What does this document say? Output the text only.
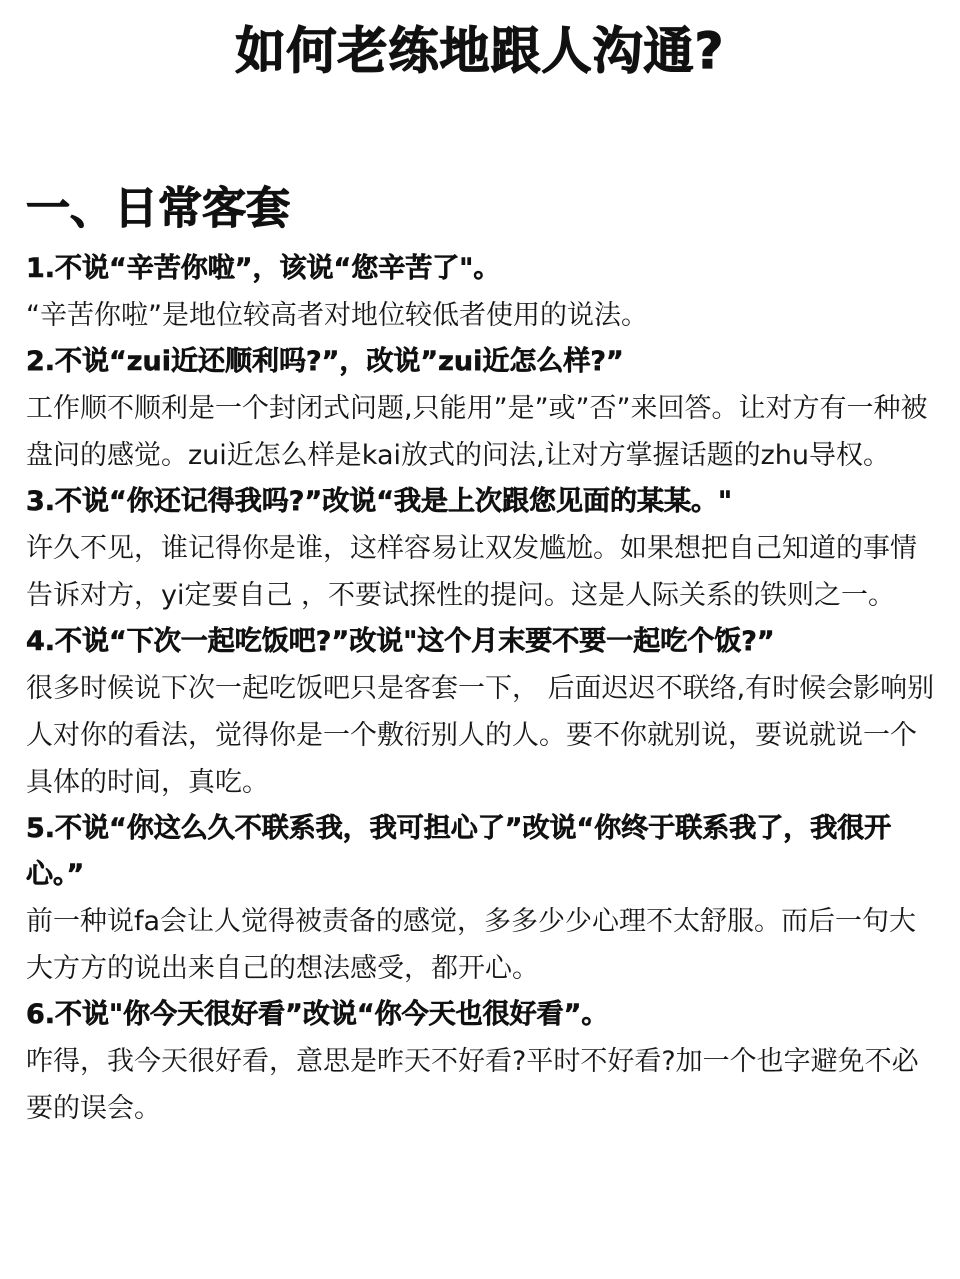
如何老练地跟人沟通?
一、日常客套
1.不说“辛苦你啦”，该说“您辛苦了"。
“辛苦你啦”是地位较高者对地位较低者使用的说法。
2.不说“zui近还顺利吗?”，改说”zui近怎么样?”
工作顺不顺利是一个封闭式问题,只能用”是”或”否”来回答。让对方有一种被盘问的感觉。zui近怎么样是kai放式的问法,让对方掌握话题的zhu导权。
3.不说“你还记得我吗?”改说“我是上次跟您见面的某某。"
许久不见，谁记得你是谁，这样容易让双发尴尬。如果想把自己知道的事情告诉对方，yi定要自己 ，不要试探性的提问。这是人际关系的铁则之一。
4.不说“下次一起吃饭吧?”改说"这个月末要不要一起吃个饭?”
很多时候说下次一起吃饭吧只是客套一下， 后面迟迟不联络,有时候会影响别人对你的看法，觉得你是一个敷衍别人的人。要不你就别说，要说就说一个具体的时间，真吃。
5.不说“你这么久不联系我，我可担心了”改说“你终于联系我了，我很开心。”
前一种说fa会让人觉得被责备的感觉，多多少少心理不太舒服。而后一句大大方方的说出来自己的想法感受，都开心。
6.不说"你今天很好看”改说“你今天也很好看”。
咋得，我今天很好看，意思是昨天不好看?平时不好看?加一个也字避免不必要的误会。
